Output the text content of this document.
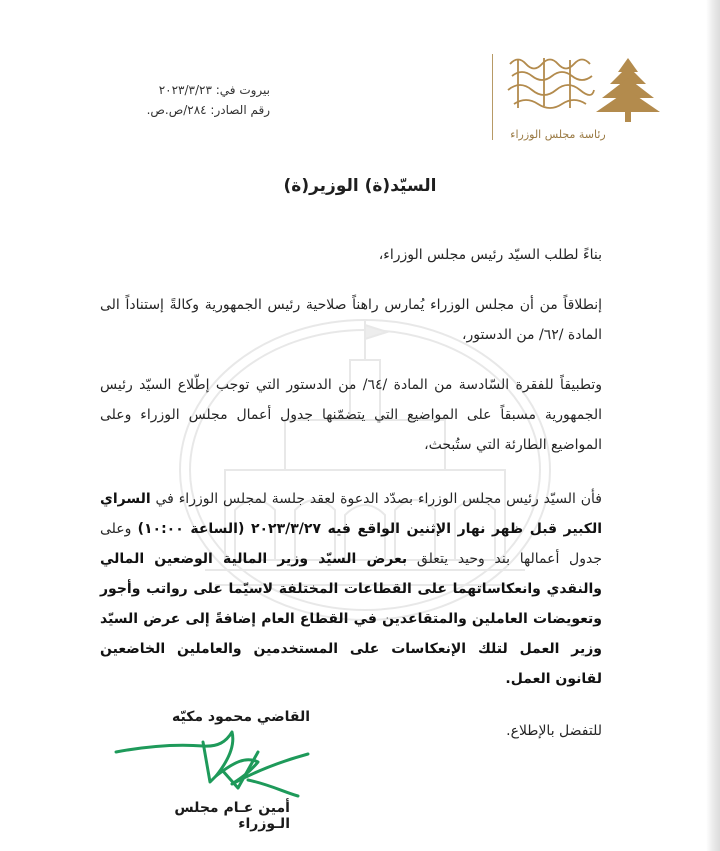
رئاسة مجلس الوزراء
بيروت في: ٢٠٢٣/٣/٢٣
رقم الصادر: ٢٨٤/ص.ص.
السيّد(ة) الوزير(ة)

بناءً لطلب السيّد رئيس مجلس الوزراء،

إنطلاقاً من أن مجلس الوزراء يُمارس راهناً صلاحية رئيس الجمهورية وكالةً إستناداً الى المادة /٦٢/ من الدستور،

وتطبيقاً للفقرة السّادسة من المادة /٦٤/ من الدستور التي توجب إطّلاع السيّد رئيس الجمهورية مسبقاً على المواضيع التي يتضمّنها جدول أعمال مجلس الوزراء وعلى المواضيع الطارئة التي ستُبحث،

فأن السيّد رئيس مجلس الوزراء بصدّد الدعوة لعقد جلسة لمجلس الوزراء في السراي الكبير قبل ظهر نهار الإثنين الواقع فيه ٢٠٢٣/٣/٢٧ (الساعة ١٠:٠٠) وعلى جدول أعمالها بند وحيد يتعلق بعرض السيّد وزير المالية الوضعين المالي والنقدي وانعكاساتهما على القطاعات المختلفة لاسيّما على رواتب وأجور وتعويضات العاملين والمتقاعدين في القطاع العام إضافةً إلى عرض السيّد وزير العمل لتلك الإنعكاسات على المستخدمين والعاملين الخاضعين لقانون العمل.

للتفضل بالإطلاع.

القاضي محمود مكيّه
أمين عـام مجلس الـوزراء
